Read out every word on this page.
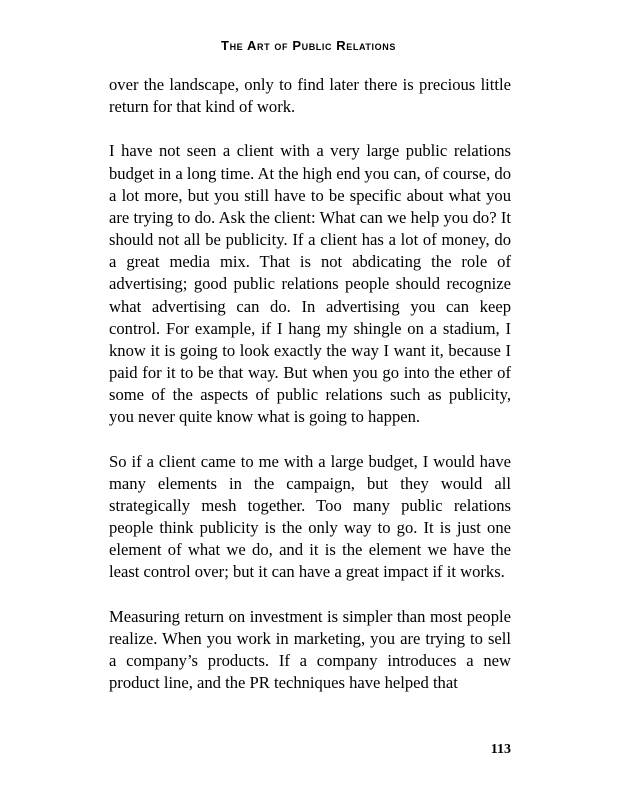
The Art of Public Relations

over the landscape, only to find later there is precious little return for that kind of work.

I have not seen a client with a very large public relations budget in a long time. At the high end you can, of course, do a lot more, but you still have to be specific about what you are trying to do. Ask the client: What can we help you do? It should not all be publicity. If a client has a lot of money, do a great media mix. That is not abdicating the role of advertising; good public relations people should recognize what advertising can do. In advertising you can keep control. For example, if I hang my shingle on a stadium, I know it is going to look exactly the way I want it, because I paid for it to be that way. But when you go into the ether of some of the aspects of public relations such as publicity, you never quite know what is going to happen.

So if a client came to me with a large budget, I would have many elements in the campaign, but they would all strategically mesh together. Too many public relations people think publicity is the only way to go. It is just one element of what we do, and it is the element we have the least control over; but it can have a great impact if it works.

Measuring return on investment is simpler than most people realize. When you work in marketing, you are trying to sell a company’s products. If a company introduces a new product line, and the PR techniques have helped that

113
